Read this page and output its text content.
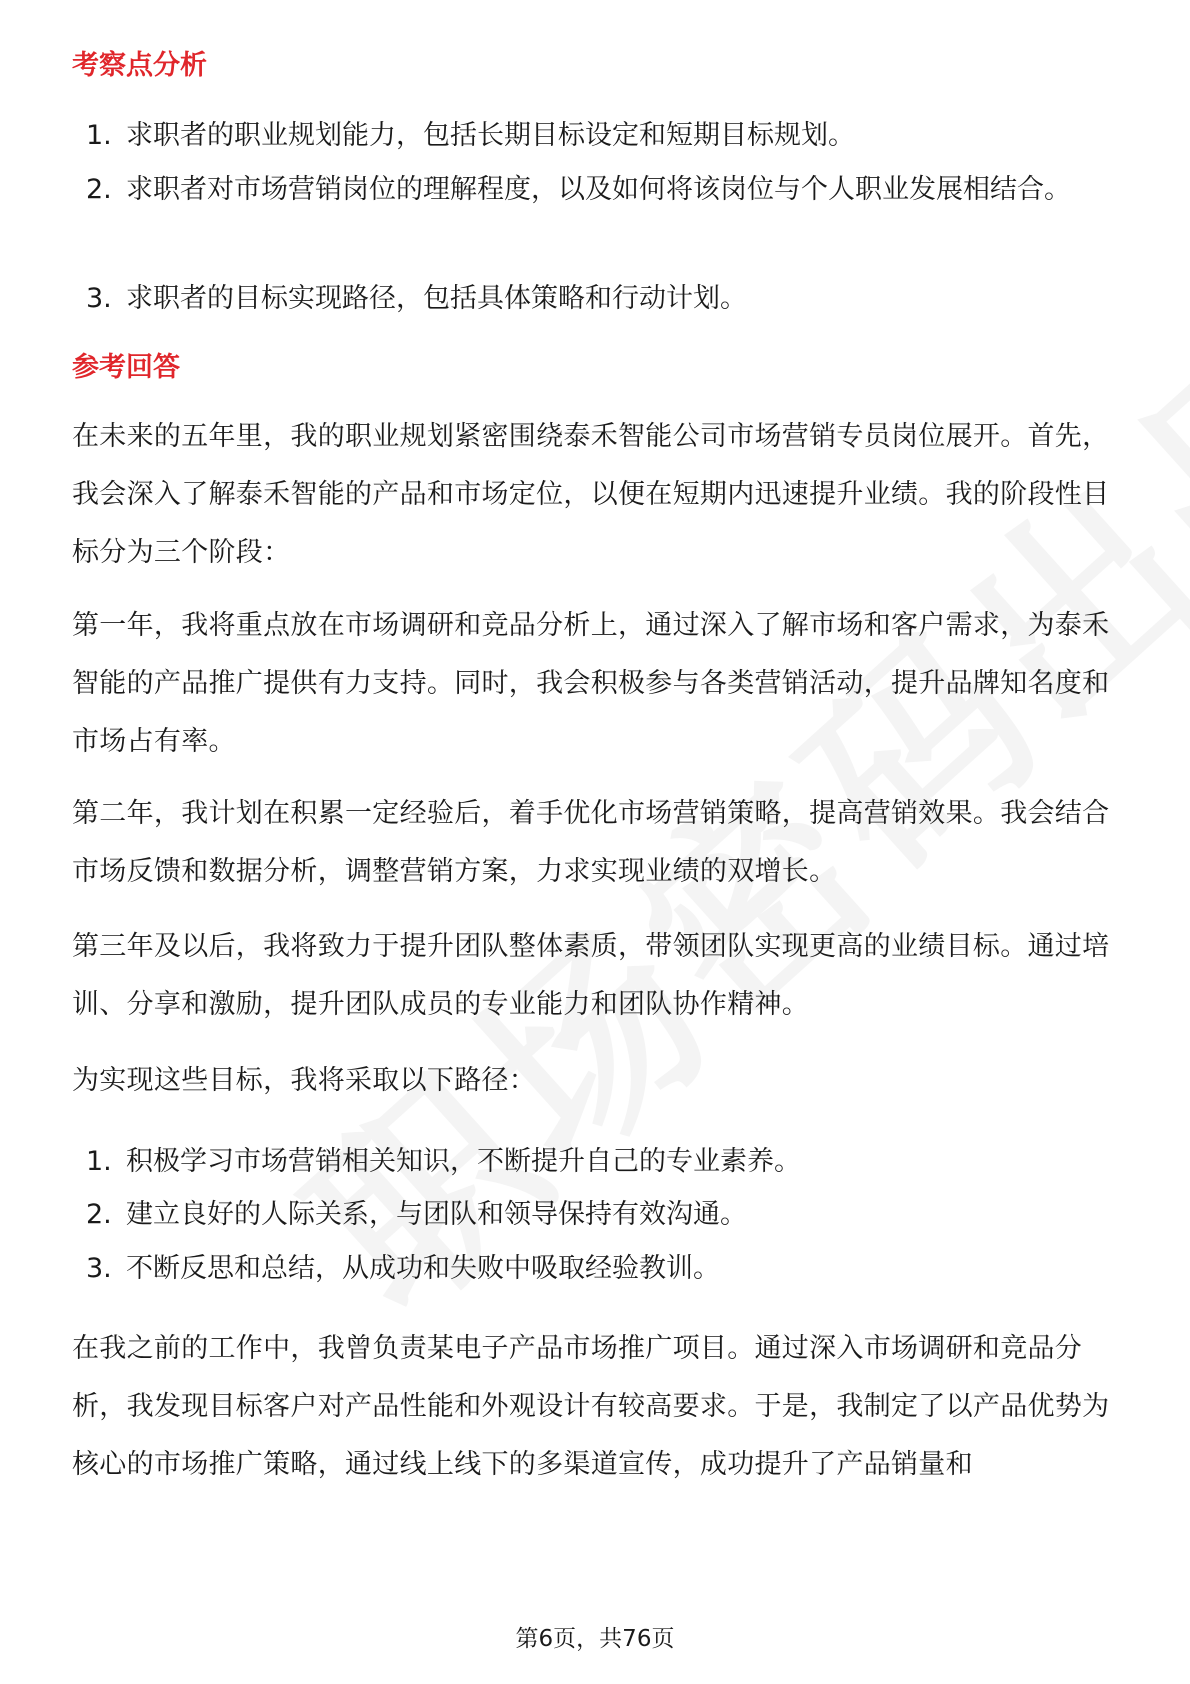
考察点分析
1. 求职者的职业规划能力，包括长期目标设定和短期目标规划。
2. 求职者对市场营销岗位的理解程度，以及如何将该岗位与个人职业发展相结合。
3. 求职者的目标实现路径，包括具体策略和行动计划。
参考回答
在未来的五年里，我的职业规划紧密围绕泰禾智能公司市场营销专员岗位展开。首先，我会深入了解泰禾智能的产品和市场定位，以便在短期内迅速提升业绩。我的阶段性目标分为三个阶段：
第一年，我将重点放在市场调研和竞品分析上，通过深入了解市场和客户需求，为泰禾智能的产品推广提供有力支持。同时，我会积极参与各类营销活动，提升品牌知名度和市场占有率。
第二年，我计划在积累一定经验后，着手优化市场营销策略，提高营销效果。我会结合市场反馈和数据分析，调整营销方案，力求实现业绩的双增长。
第三年及以后，我将致力于提升团队整体素质，带领团队实现更高的业绩目标。通过培训、分享和激励，提升团队成员的专业能力和团队协作精神。
为实现这些目标，我将采取以下路径：
1. 积极学习市场营销相关知识，不断提升自己的专业素养。
2. 建立良好的人际关系，与团队和领导保持有效沟通。
3. 不断反思和总结，从成功和失败中吸取经验教训。
在我之前的工作中，我曾负责某电子产品市场推广项目。通过深入市场调研和竞品分析，我发现目标客户对产品性能和外观设计有较高要求。于是，我制定了以产品优势为核心的市场推广策略，通过线上线下的多渠道宣传，成功提升了产品销量和
第6页，共76页
